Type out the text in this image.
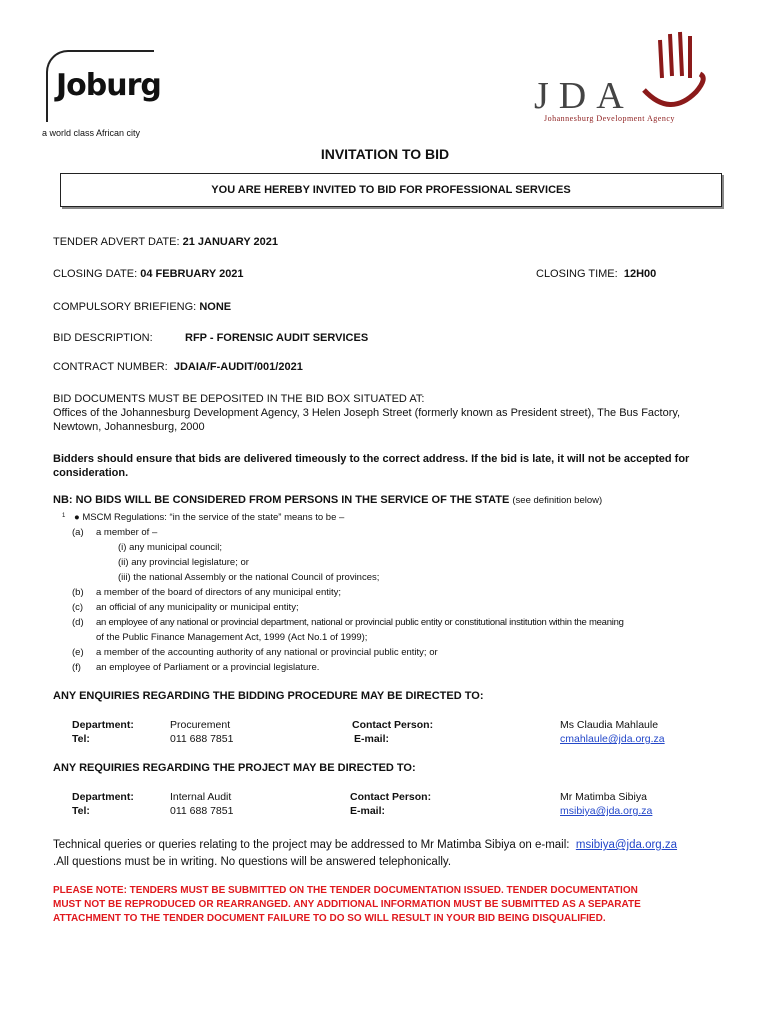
Joburg
a world class African city
JDA
Johannesburg Development Agency
INVITATION TO BID
YOU ARE HEREBY INVITED TO BID FOR PROFESSIONAL SERVICES
TENDER ADVERT DATE: 21 JANUARY 2021
CLOSING DATE: 04 FEBRUARY 2021	CLOSING TIME: 12H00
COMPULSORY BRIEFIENG: NONE
BID DESCRIPTION:	RFP - FORENSIC AUDIT SERVICES
CONTRACT NUMBER: JDAIA/F-AUDIT/001/2021
BID DOCUMENTS MUST BE DEPOSITED IN THE BID BOX SITUATED AT:
Offices of the Johannesburg Development Agency, 3 Helen Joseph Street (formerly known as President street), The Bus Factory,
Newtown, Johannesburg, 2000
Bidders should ensure that bids are delivered timeously to the correct address. If the bid is late, it will not be accepted for
consideration.
NB: NO BIDS WILL BE CONSIDERED FROM PERSONS IN THE SERVICE OF THE STATE (see definition below)
1 ● MSCM Regulations: “in the service of the state” means to be –
(a) a member of –
(i) any municipal council;
(ii) any provincial legislature; or
(iii) the national Assembly or the national Council of provinces;
(b) a member of the board of directors of any municipal entity;
(c) an official of any municipality or municipal entity;
(d) an employee of any national or provincial department, national or provincial public entity or constitutional institution within the meaning
of the Public Finance Management Act, 1999 (Act No.1 of 1999);
(e) a member of the accounting authority of any national or provincial public entity; or
(f) an employee of Parliament or a provincial legislature.
ANY ENQUIRIES REGARDING THE BIDDING PROCEDURE MAY BE DIRECTED TO:
Department:
Tel:
Procurement
011 688 7851
Contact Person:
E-mail:
Ms Claudia Mahlaule
cmahlaule@jda.org.za
ANY REQUIRIES REGARDING THE PROJECT MAY BE DIRECTED TO:
Department:
Tel:
Internal Audit
011 688 7851
Contact Person:
E-mail:
Mr Matimba Sibiya
msibiya@jda.org.za
Technical queries or queries relating to the project may be addressed to Mr Matimba Sibiya on e-mail: msibiya@jda.org.za
.All questions must be in writing. No questions will be answered telephonically.
PLEASE NOTE: TENDERS MUST BE SUBMITTED ON THE TENDER DOCUMENTATION ISSUED. TENDER DOCUMENTATION
MUST NOT BE REPRODUCED OR REARRANGED. ANY ADDITIONAL INFORMATION MUST BE SUBMITTED AS A SEPARATE
ATTACHMENT TO THE TENDER DOCUMENT FAILURE TO DO SO WILL RESULT IN YOUR BID BEING DISQUALIFIED.
